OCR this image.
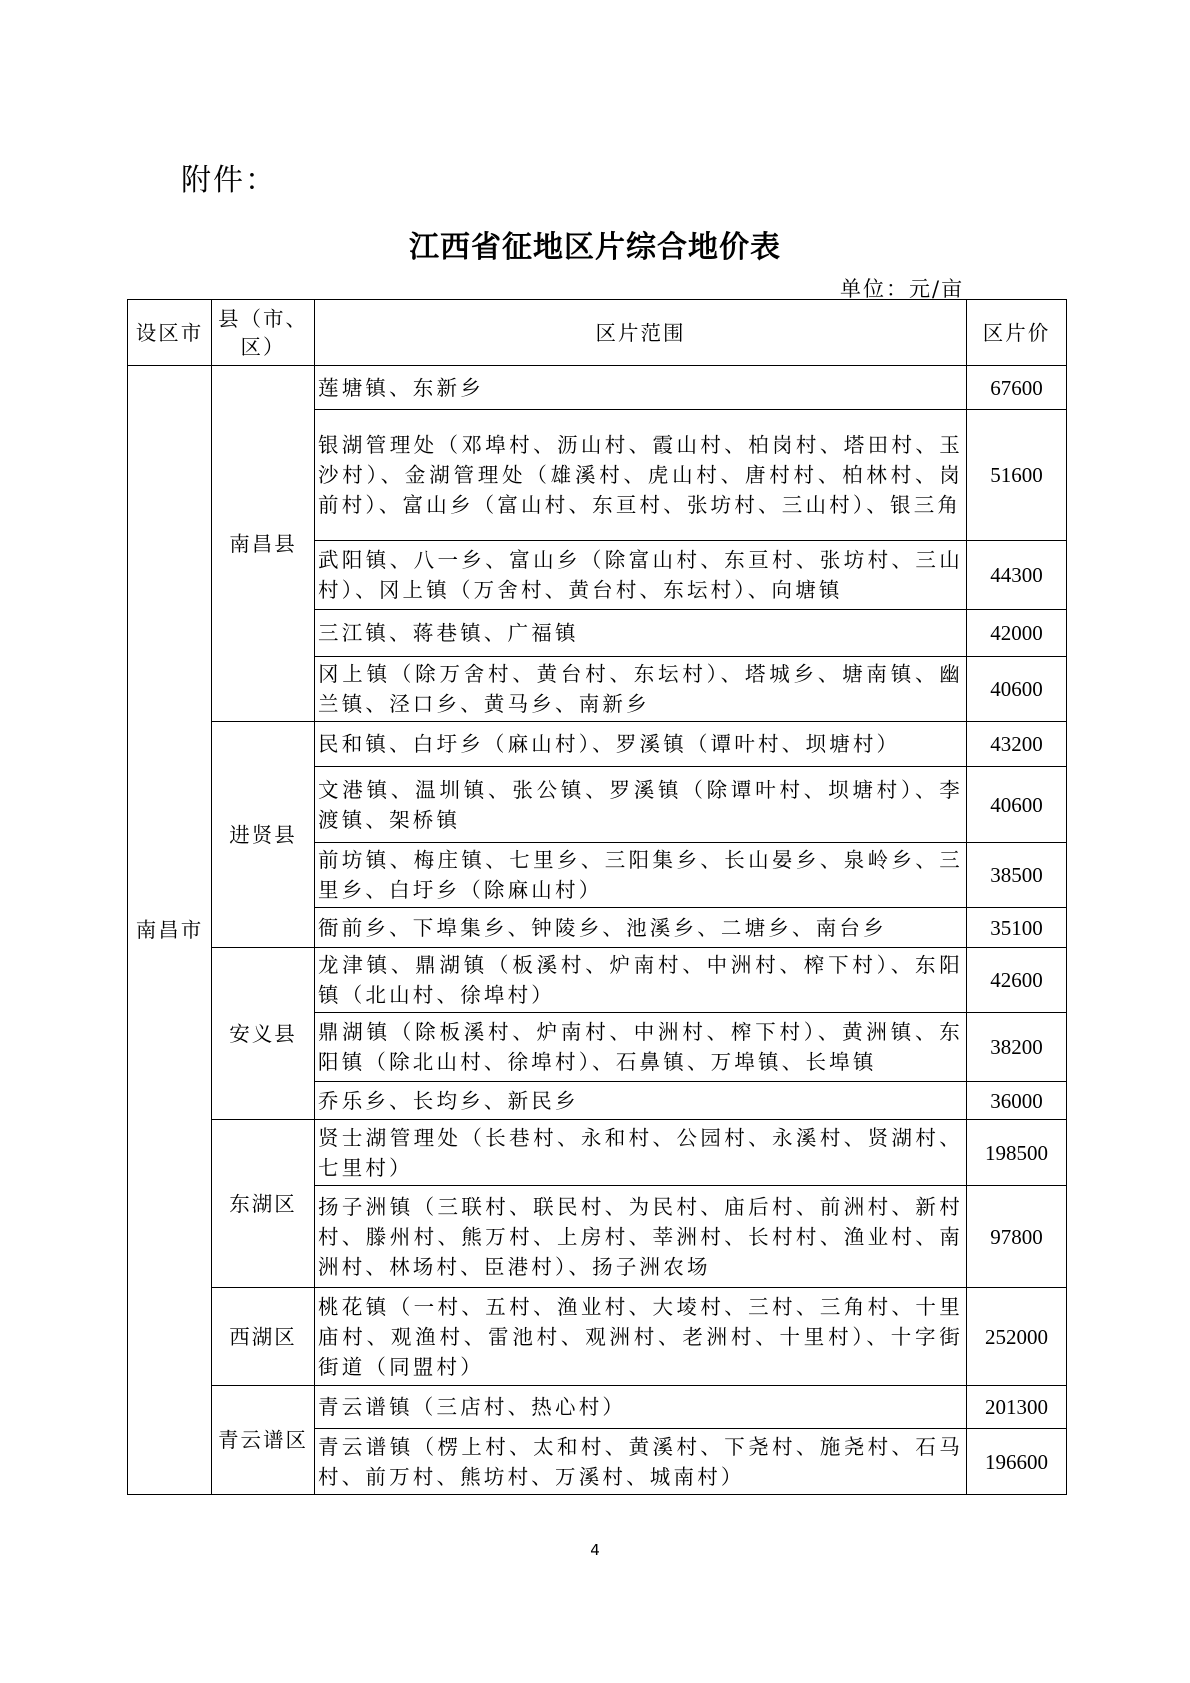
附件：
江西省征地区片综合地价表
单位：元/亩
设区市	县（市、区）	区片范围	区片价
南昌市	南昌县	莲塘镇、东新乡	67600
		银湖管理处（邓埠村、沥山村、霞山村、柏岗村、塔田村、玉沙村）、金湖管理处（雄溪村、虎山村、唐村村、柏林村、岗前村）、富山乡（富山村、东亘村、张坊村、三山村）、银三角	51600
		武阳镇、八一乡、富山乡（除富山村、东亘村、张坊村、三山村）、冈上镇（万舍村、黄台村、东坛村）、向塘镇	44300
		三江镇、蒋巷镇、广福镇	42000
		冈上镇（除万舍村、黄台村、东坛村）、塔城乡、塘南镇、幽兰镇、泾口乡、黄马乡、南新乡	40600
	进贤县	民和镇、白圩乡（麻山村）、罗溪镇（谭叶村、坝塘村）	43200
		文港镇、温圳镇、张公镇、罗溪镇（除谭叶村、坝塘村）、李渡镇、架桥镇	40600
		前坊镇、梅庄镇、七里乡、三阳集乡、长山晏乡、泉岭乡、三里乡、白圩乡（除麻山村）	38500
		衙前乡、下埠集乡、钟陵乡、池溪乡、二塘乡、南台乡	35100
	安义县	龙津镇、鼎湖镇（板溪村、炉南村、中洲村、榨下村）、东阳镇（北山村、徐埠村）	42600
		鼎湖镇（除板溪村、炉南村、中洲村、榨下村）、黄洲镇、东阳镇（除北山村、徐埠村）、石鼻镇、万埠镇、长埠镇	38200
		乔乐乡、长均乡、新民乡	36000
	东湖区	贤士湖管理处（长巷村、永和村、公园村、永溪村、贤湖村、七里村）	198500
		扬子洲镇（三联村、联民村、为民村、庙后村、前洲村、新村村、滕州村、熊万村、上房村、莘洲村、长村村、渔业村、南洲村、林场村、臣港村）、扬子洲农场	97800
	西湖区	桃花镇（一村、五村、渔业村、大堎村、三村、三角村、十里庙村、观渔村、雷池村、观洲村、老洲村、十里村）、十字街街道（同盟村）	252000
	青云谱区	青云谱镇（三店村、热心村）	201300
		青云谱镇（楞上村、太和村、黄溪村、下尧村、施尧村、石马村、前万村、熊坊村、万溪村、城南村）	196600
4
